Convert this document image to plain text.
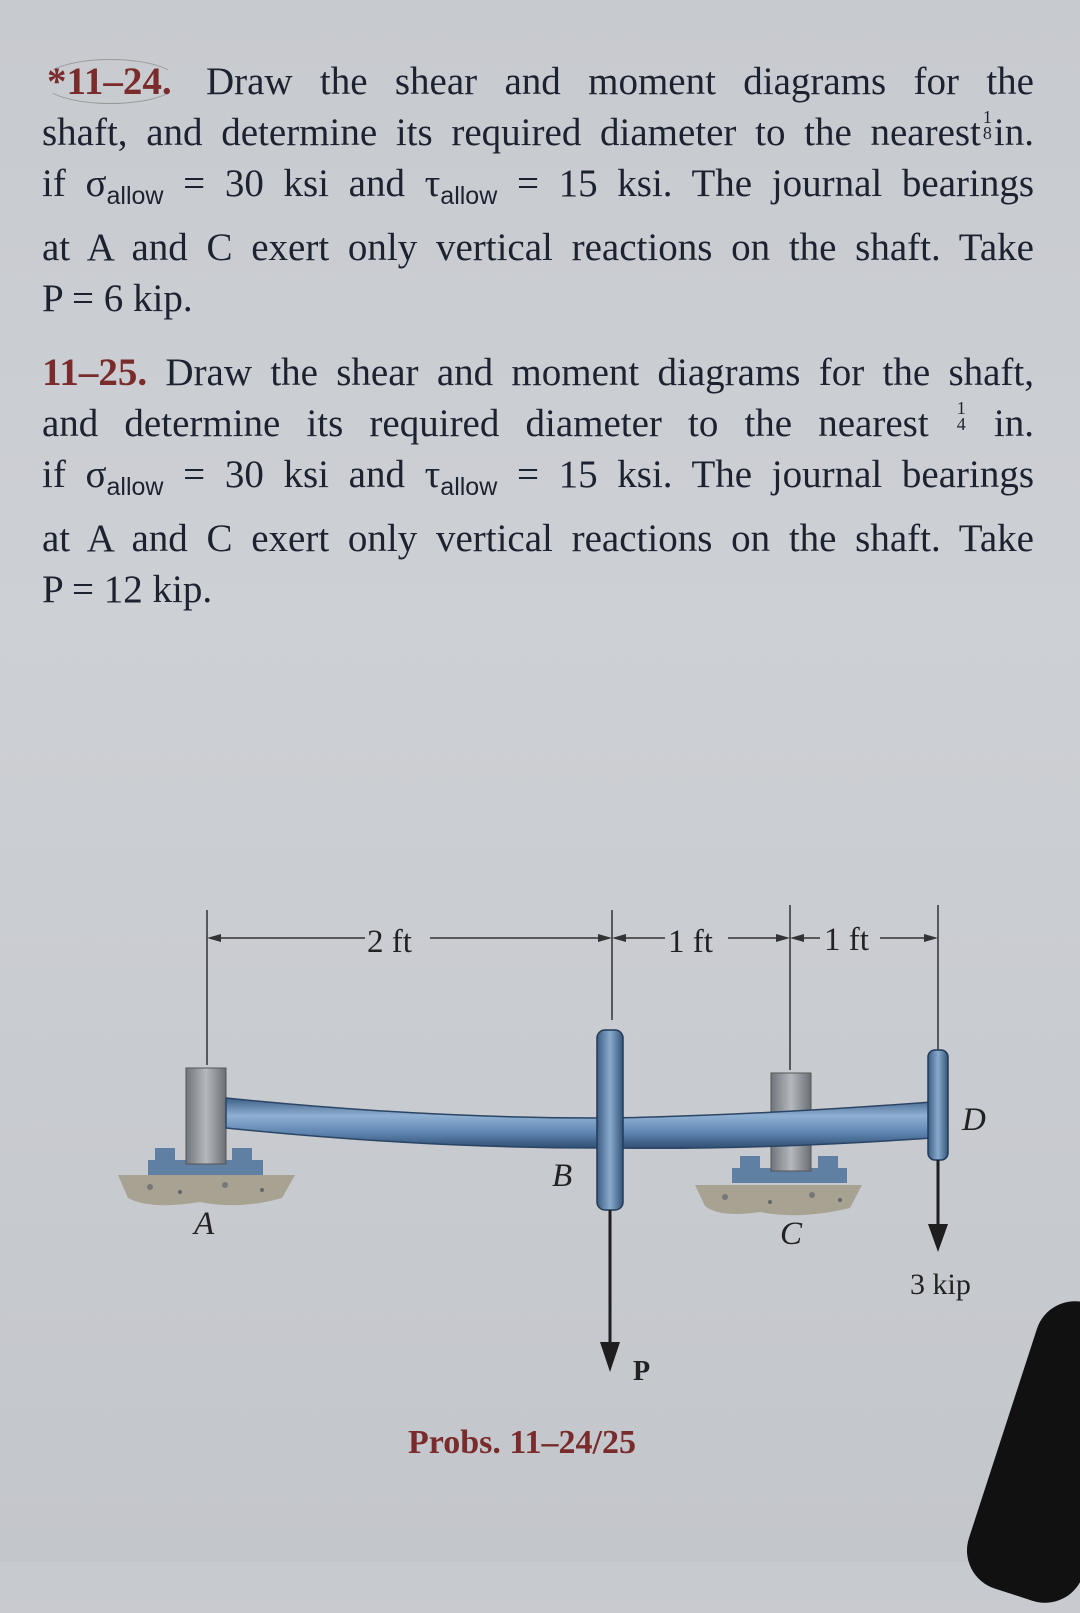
*11–24. Draw the shear and moment diagrams for the
shaft, and determine its required diameter to the nearest 1
8 in.
if $\sigma_{allow} = 30$ ksi and $\tau_{allow} = 15$ ksi. The journal bearings
at A and C exert only vertical reactions on the shaft. Take
P = 6 kip.
11–25. Draw the shear and moment diagrams for the shaft,
and determine its required diameter to the nearest 1
4 in.
if $\sigma_{allow} = 30$ ksi and $\tau_{allow} = 15$ ksi. The journal bearings
at A and C exert only vertical reactions on the shaft. Take
P = 12 kip.
2 ft	1 ft	1 ft
A
B
C
D
P
3 kip
Probs. 11–24/25
